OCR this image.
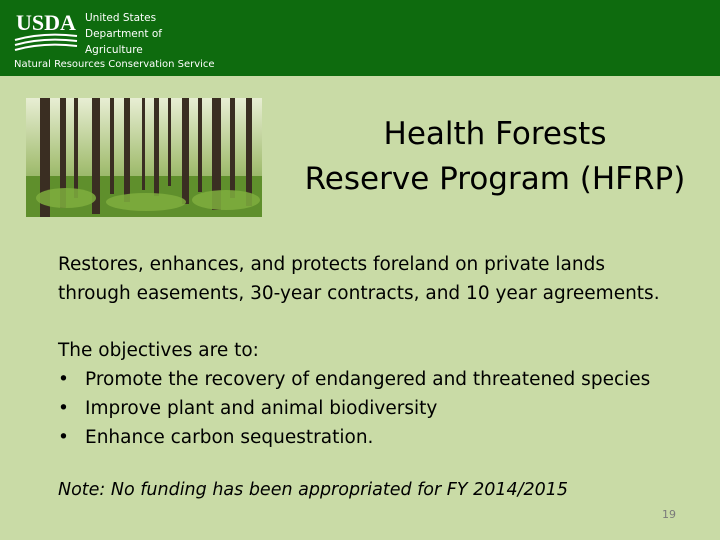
USDA United States
Department of
Agriculture
Natural Resources Conservation Service
Health Forests
Reserve Program (HFRP)
Restores, enhances, and protects foreland on private lands
through easements, 30-year contracts, and 10 year agreements.
The objectives are to:
• Promote the recovery of endangered and threatened species
• Improve plant and animal biodiversity
• Enhance carbon sequestration.
Note: No funding has been appropriated for FY 2014/2015
19
